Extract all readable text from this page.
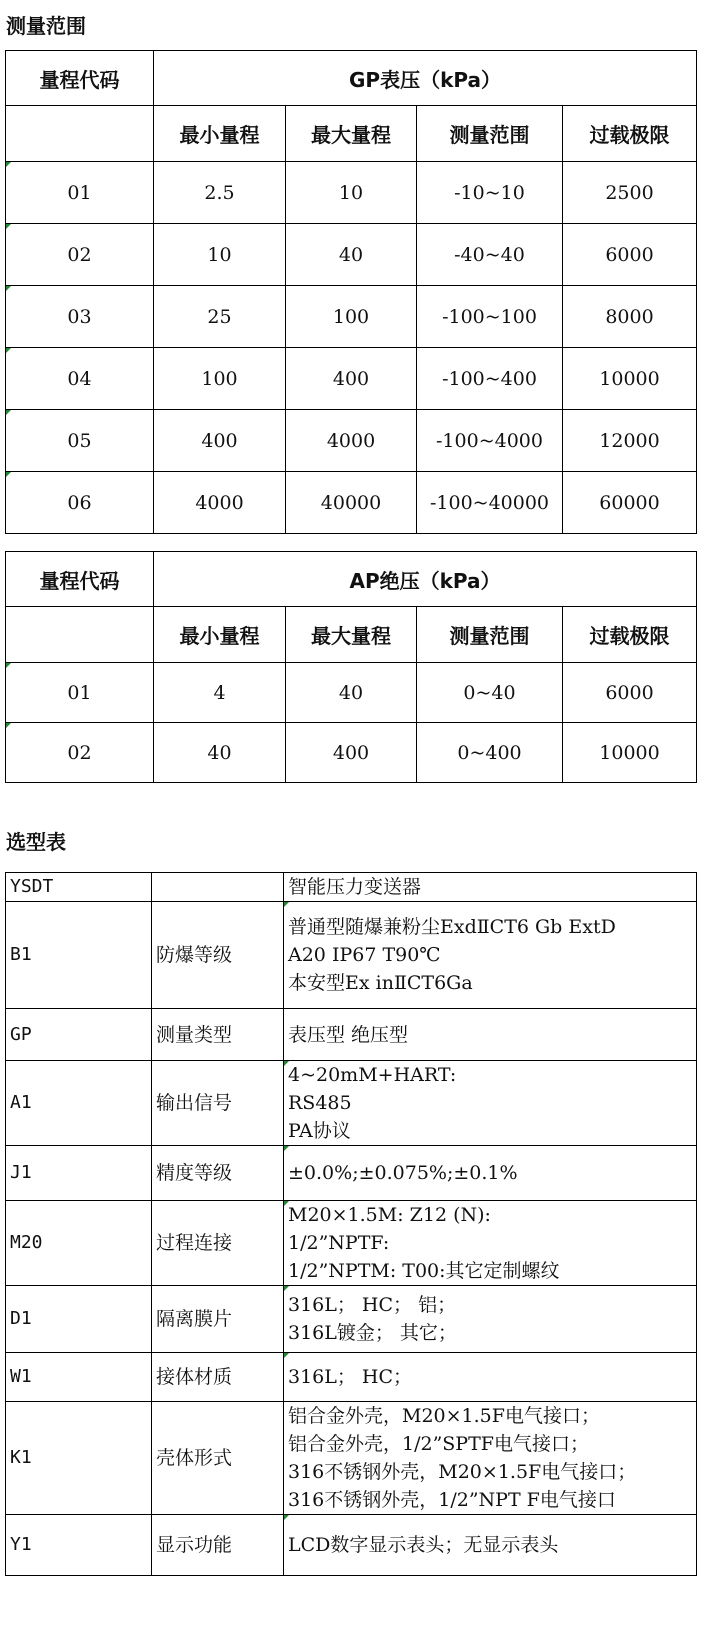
测量范围
量程代码	GP表压（kPa）			
	最小量程	最大量程	测量范围	过载极限
01	2.5	10	-10~10	2500
02	10	40	-40~40	6000
03	25	100	-100~100	8000
04	100	400	-100~400	10000
05	400	4000	-100~4000	12000
06	4000	40000	-100~40000	60000
量程代码	AP绝压（kPa）			
	最小量程	最大量程	测量范围	过载极限
01	4	40	0~40	6000
02	40	400	0~400	10000
选型表
YSDT		智能压力变送器

B1	防爆等级	普通型随爆兼粉尘ExdⅡCT6 Gb ExtD
A20 IP67 T90℃
本安型Ex inⅡCT6Ga

GP	测量类型	表压型 绝压型

A1	输出信号	4~20mM+HART:
RS485
PA协议

J1	精度等级	±0.0%;±0.075%;±0.1%

M20	过程连接	M20×1.5M: Z12 (N):
1/2”NPTF:
1/2”NPTM: T00:其它定制螺纹

D1	隔离膜片	316L； HC； 铝；
316L镀金； 其它；

W1	接体材质	316L； HC；

K1	壳体形式	铝合金外壳，M20×1.5F电气接口；
铝合金外壳，1/2”SPTF电气接口；
316不锈钢外壳，M20×1.5F电气接口；
316不锈钢外壳，1/2”NPT F电气接口

Y1	显示功能	LCD数字显示表头；无显示表头
